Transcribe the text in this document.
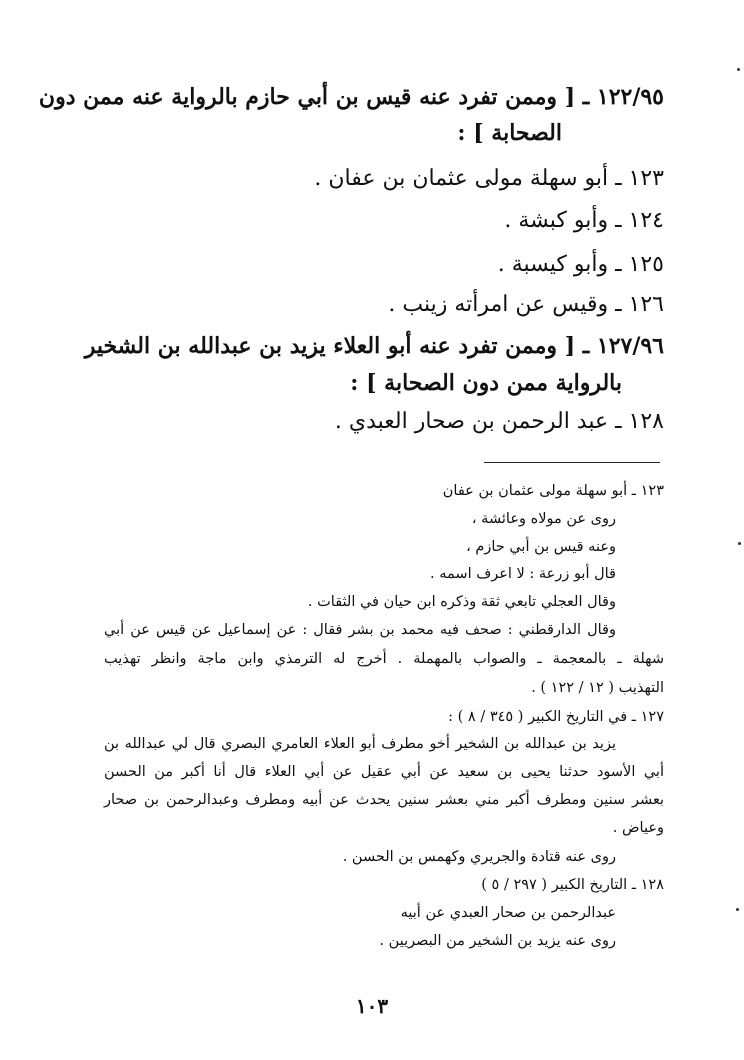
١٢٢/٩٥ ـ [ وممن تفرد عنه قيس بن أبي حازم بالرواية عنه ممن دون
الصحابة ] :
١٢٣ ـ أبو سهلة مولى عثمان بن عفان .
١٢٤ ـ وأبو كبشة .
١٢٥ ـ وأبو كيسبة .
١٢٦ ـ وقيس عن امرأته زينب .
١٢٧/٩٦ ـ [ وممن تفرد عنه أبو العلاء يزيد بن عبدالله بن الشخير
بالرواية ممن دون الصحابة ] :
١٢٨ ـ عبد الرحمن بن صحار العبدي .
١٢٣ ـ أبو سهلة مولى عثمان بن عفان
روى عن مولاه وعائشة ،
وعنه قيس بن أبي حازم ،
قال أبو زرعة : لا اعرف اسمه .
وقال العجلي تابعي ثقة وذكره ابن حيان في الثقات .
وقال الدارقطني : صحف فيه محمد بن بشر فقال : عن إسماعيل عن قيس عن أبي
شهلة ـ بالمعجمة ـ والصواب بالمهملة . أخرج له الترمذي وابن ماجة وانظر تهذيب
التهذيب ( ١٢ / ١٢٢ ) .
١٢٧ ـ في التاريخ الكبير ( ٣٤٥ / ٨ ) :
يزيد بن عبدالله بن الشخير أخو مطرف أبو العلاء العامري البصري قال لي عبدالله بن
أبي الأسود حدثنا يحيى بن سعيد عن أبي عقيل عن أبي العلاء قال أنا أكبر من الحسن
بعشر سنين ومطرف أكبر مني بعشر سنين يحدث عن أبيه ومطرف وعبدالرحمن بن صحار
وعياض .
روى عنه قتادة والجريري وكهمس بن الحسن .
١٢٨ ـ التاريخ الكبير ( ٢٩٧ / ٥ )
عبدالرحمن بن صحار العبدي عن أبيه
روى عنه يزيد بن الشخير من البصريين .
١٠٣
